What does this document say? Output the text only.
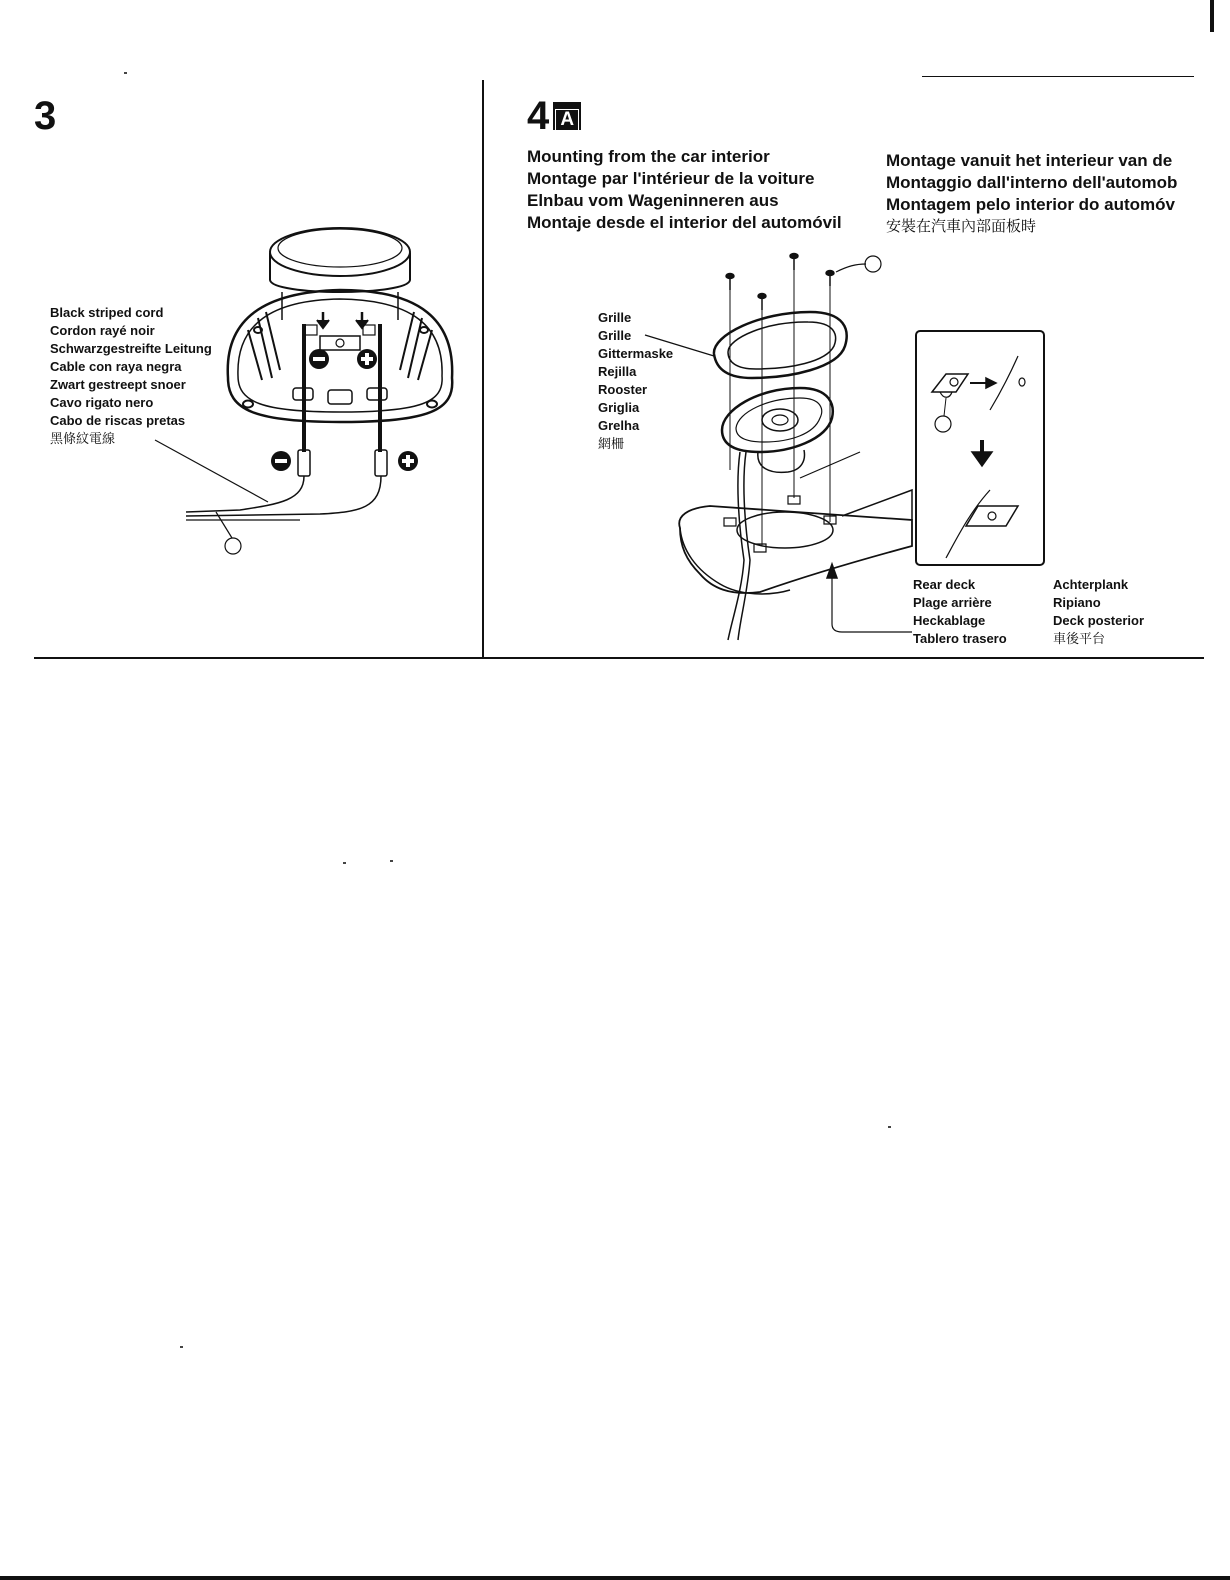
3
Black striped cord
Cordon rayé noir
Schwarzgestreifte Leitung
Cable con raya negra
Zwart gestreept snoer
Cavo rigato nero
Cabo de riscas pretas
黑條紋電線
4 A
Mounting from the car interior
Montage par l'intérieur de la voiture
Elnbau vom Wageninneren aus
Montaje desde el interior del automóvil
Montage vanuit het interieur van de
Montaggio dall'interno dell'automob
Montagem pelo interior do automóv
安裝在汽車內部面板時
Grille
Grille
Gittermaske
Rejilla
Rooster
Griglia
Grelha
網柵
Rear deck
Plage arrière
Heckablage
Tablero trasero
Achterplank
Ripiano
Deck posterior
車後平台
